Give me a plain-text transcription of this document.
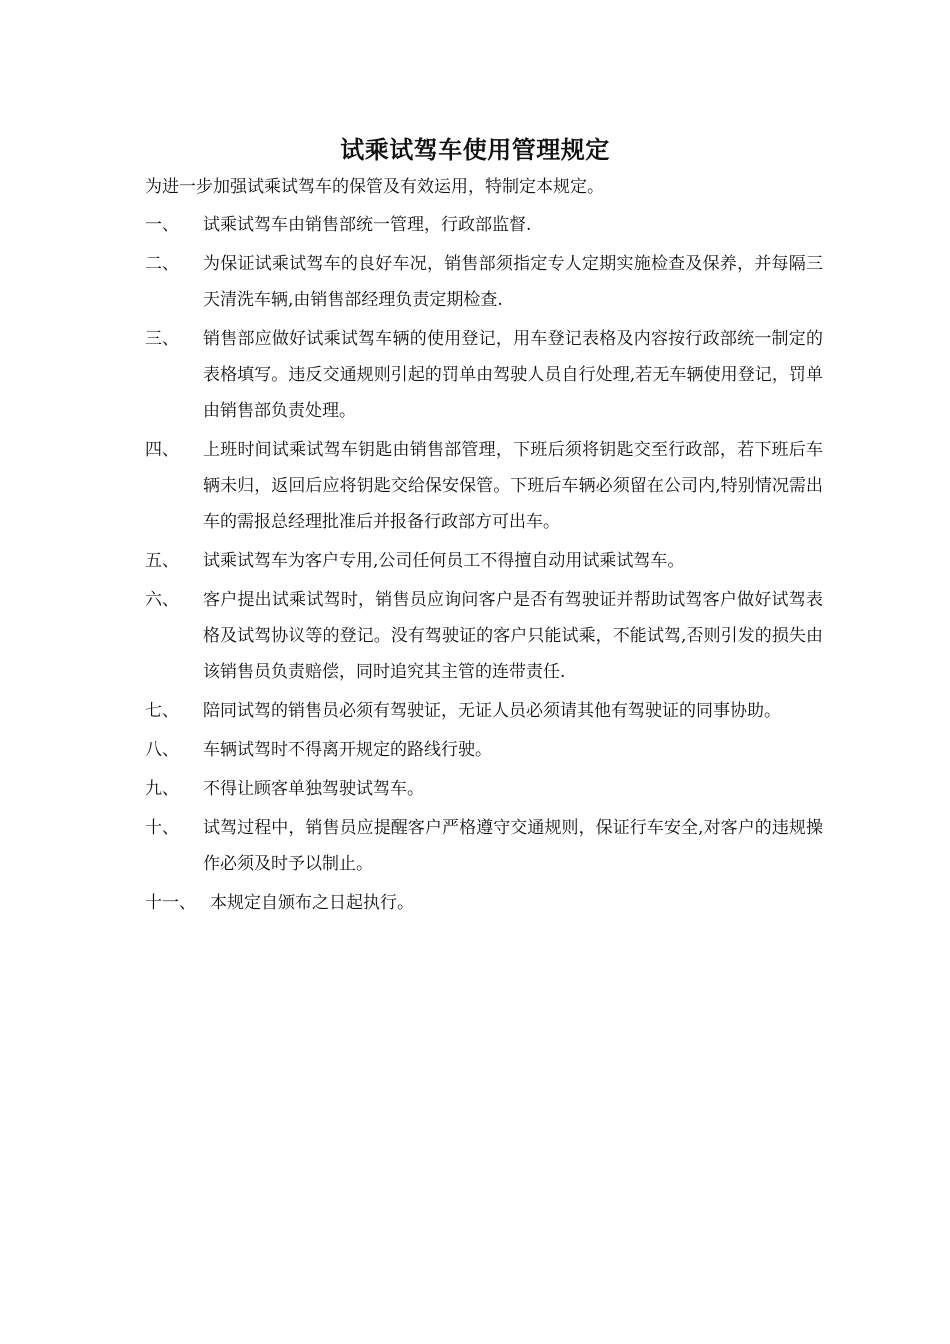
试乘试驾车使用管理规定
为进一步加强试乘试驾车的保管及有效运用，特制定本规定。
一、 试乘试驾车由销售部统一管理，行政部监督.
二、 为保证试乘试驾车的良好车况，销售部须指定专人定期实施检查及保养，并每隔三天清洗车辆,由销售部经理负责定期检查.
三、 销售部应做好试乘试驾车辆的使用登记，用车登记表格及内容按行政部统一制定的表格填写。违反交通规则引起的罚单由驾驶人员自行处理,若无车辆使用登记，罚单由销售部负责处理。
四、 上班时间试乘试驾车钥匙由销售部管理，下班后须将钥匙交至行政部，若下班后车辆未归，返回后应将钥匙交给保安保管。下班后车辆必须留在公司内,特别情况需出车的需报总经理批准后并报备行政部方可出车。
五、 试乘试驾车为客户专用,公司任何员工不得擅自动用试乘试驾车。
六、 客户提出试乘试驾时，销售员应询问客户是否有驾驶证并帮助试驾客户做好试驾表格及试驾协议等的登记。没有驾驶证的客户只能试乘，不能试驾,否则引发的损失由该销售员负责赔偿，同时追究其主管的连带责任.
七、 陪同试驾的销售员必须有驾驶证，无证人员必须请其他有驾驶证的同事协助。
八、 车辆试驾时不得离开规定的路线行驶。
九、 不得让顾客单独驾驶试驾车。
十、 试驾过程中，销售员应提醒客户严格遵守交通规则，保证行车安全,对客户的违规操作必须及时予以制止。
十一、 本规定自颁布之日起执行。
